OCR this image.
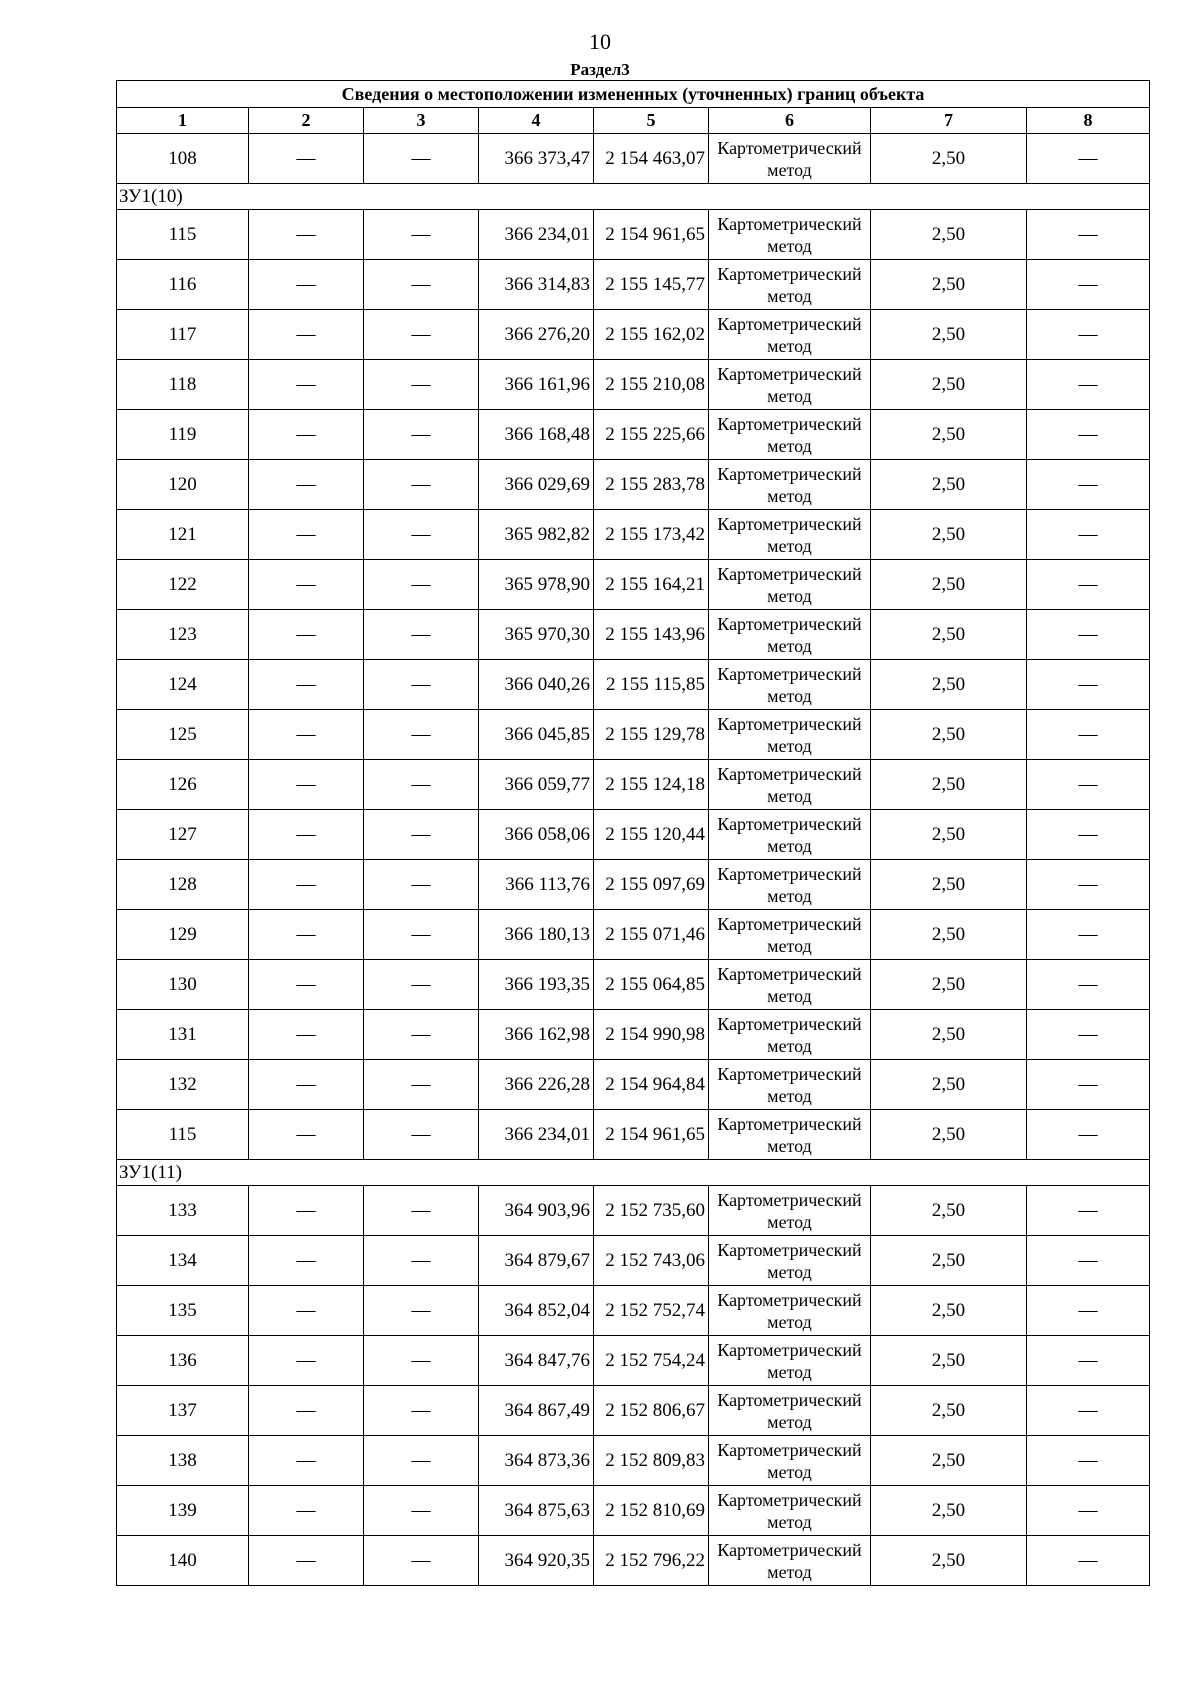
10
Раздел3
Сведения о местоположении измененных (уточненных) границ объекта							
1	2	3	4	5	6	7	8
108	—	—	366 373,47	2 154 463,07	Картометрический метод	2,50	—
ЗУ1(10)							
115	—	—	366 234,01	2 154 961,65	Картометрический метод	2,50	—
116	—	—	366 314,83	2 155 145,77	Картометрический метод	2,50	—
117	—	—	366 276,20	2 155 162,02	Картометрический метод	2,50	—
118	—	—	366 161,96	2 155 210,08	Картометрический метод	2,50	—
119	—	—	366 168,48	2 155 225,66	Картометрический метод	2,50	—
120	—	—	366 029,69	2 155 283,78	Картометрический метод	2,50	—
121	—	—	365 982,82	2 155 173,42	Картометрический метод	2,50	—
122	—	—	365 978,90	2 155 164,21	Картометрический метод	2,50	—
123	—	—	365 970,30	2 155 143,96	Картометрический метод	2,50	—
124	—	—	366 040,26	2 155 115,85	Картометрический метод	2,50	—
125	—	—	366 045,85	2 155 129,78	Картометрический метод	2,50	—
126	—	—	366 059,77	2 155 124,18	Картометрический метод	2,50	—
127	—	—	366 058,06	2 155 120,44	Картометрический метод	2,50	—
128	—	—	366 113,76	2 155 097,69	Картометрический метод	2,50	—
129	—	—	366 180,13	2 155 071,46	Картометрический метод	2,50	—
130	—	—	366 193,35	2 155 064,85	Картометрический метод	2,50	—
131	—	—	366 162,98	2 154 990,98	Картометрический метод	2,50	—
132	—	—	366 226,28	2 154 964,84	Картометрический метод	2,50	—
115	—	—	366 234,01	2 154 961,65	Картометрический метод	2,50	—
ЗУ1(11)							
133	—	—	364 903,96	2 152 735,60	Картометрический метод	2,50	—
134	—	—	364 879,67	2 152 743,06	Картометрический метод	2,50	—
135	—	—	364 852,04	2 152 752,74	Картометрический метод	2,50	—
136	—	—	364 847,76	2 152 754,24	Картометрический метод	2,50	—
137	—	—	364 867,49	2 152 806,67	Картометрический метод	2,50	—
138	—	—	364 873,36	2 152 809,83	Картометрический метод	2,50	—
139	—	—	364 875,63	2 152 810,69	Картометрический метод	2,50	—
140	—	—	364 920,35	2 152 796,22	Картометрический метод	2,50	—
